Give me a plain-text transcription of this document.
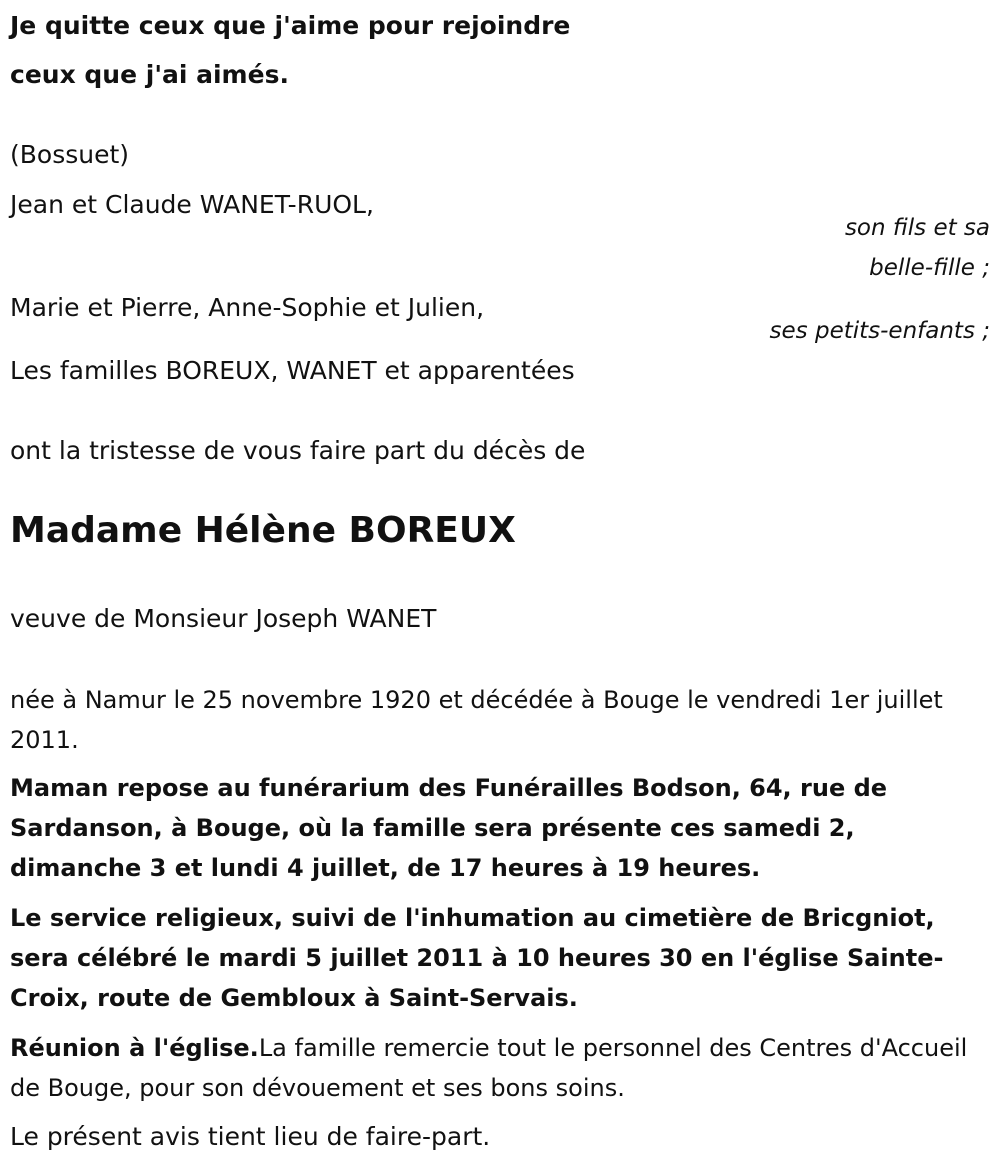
Je quitte ceux que j'aime pour rejoindre
ceux que j'ai aimés.
(Bossuet)
Jean et Claude WANET-RUOL,
son fils et sa
belle-fille ;
Marie et Pierre, Anne-Sophie et Julien,
ses petits-enfants ;
Les familles BOREUX, WANET et apparentées
ont la tristesse de vous faire part du décès de
Madame Hélène BOREUX
veuve de Monsieur Joseph WANET
née à Namur le 25 novembre 1920 et décédée à Bouge le vendredi 1er juillet 2011.
Maman repose au funérarium des Funérailles Bodson, 64, rue de Sardanson, à Bouge, où la famille sera présente ces samedi 2, dimanche 3 et lundi 4 juillet, de 17 heures à 19 heures.
Le service religieux, suivi de l'inhumation au cimetière de Bricgniot, sera célébré le mardi 5 juillet 2011 à 10 heures 30 en l'église Sainte-Croix, route de Gembloux à Saint-Servais.
Réunion à l'église.La famille remercie tout le personnel des Centres d'Accueil de Bouge, pour son dévouement et ses bons soins.
Le présent avis tient lieu de faire-part.
